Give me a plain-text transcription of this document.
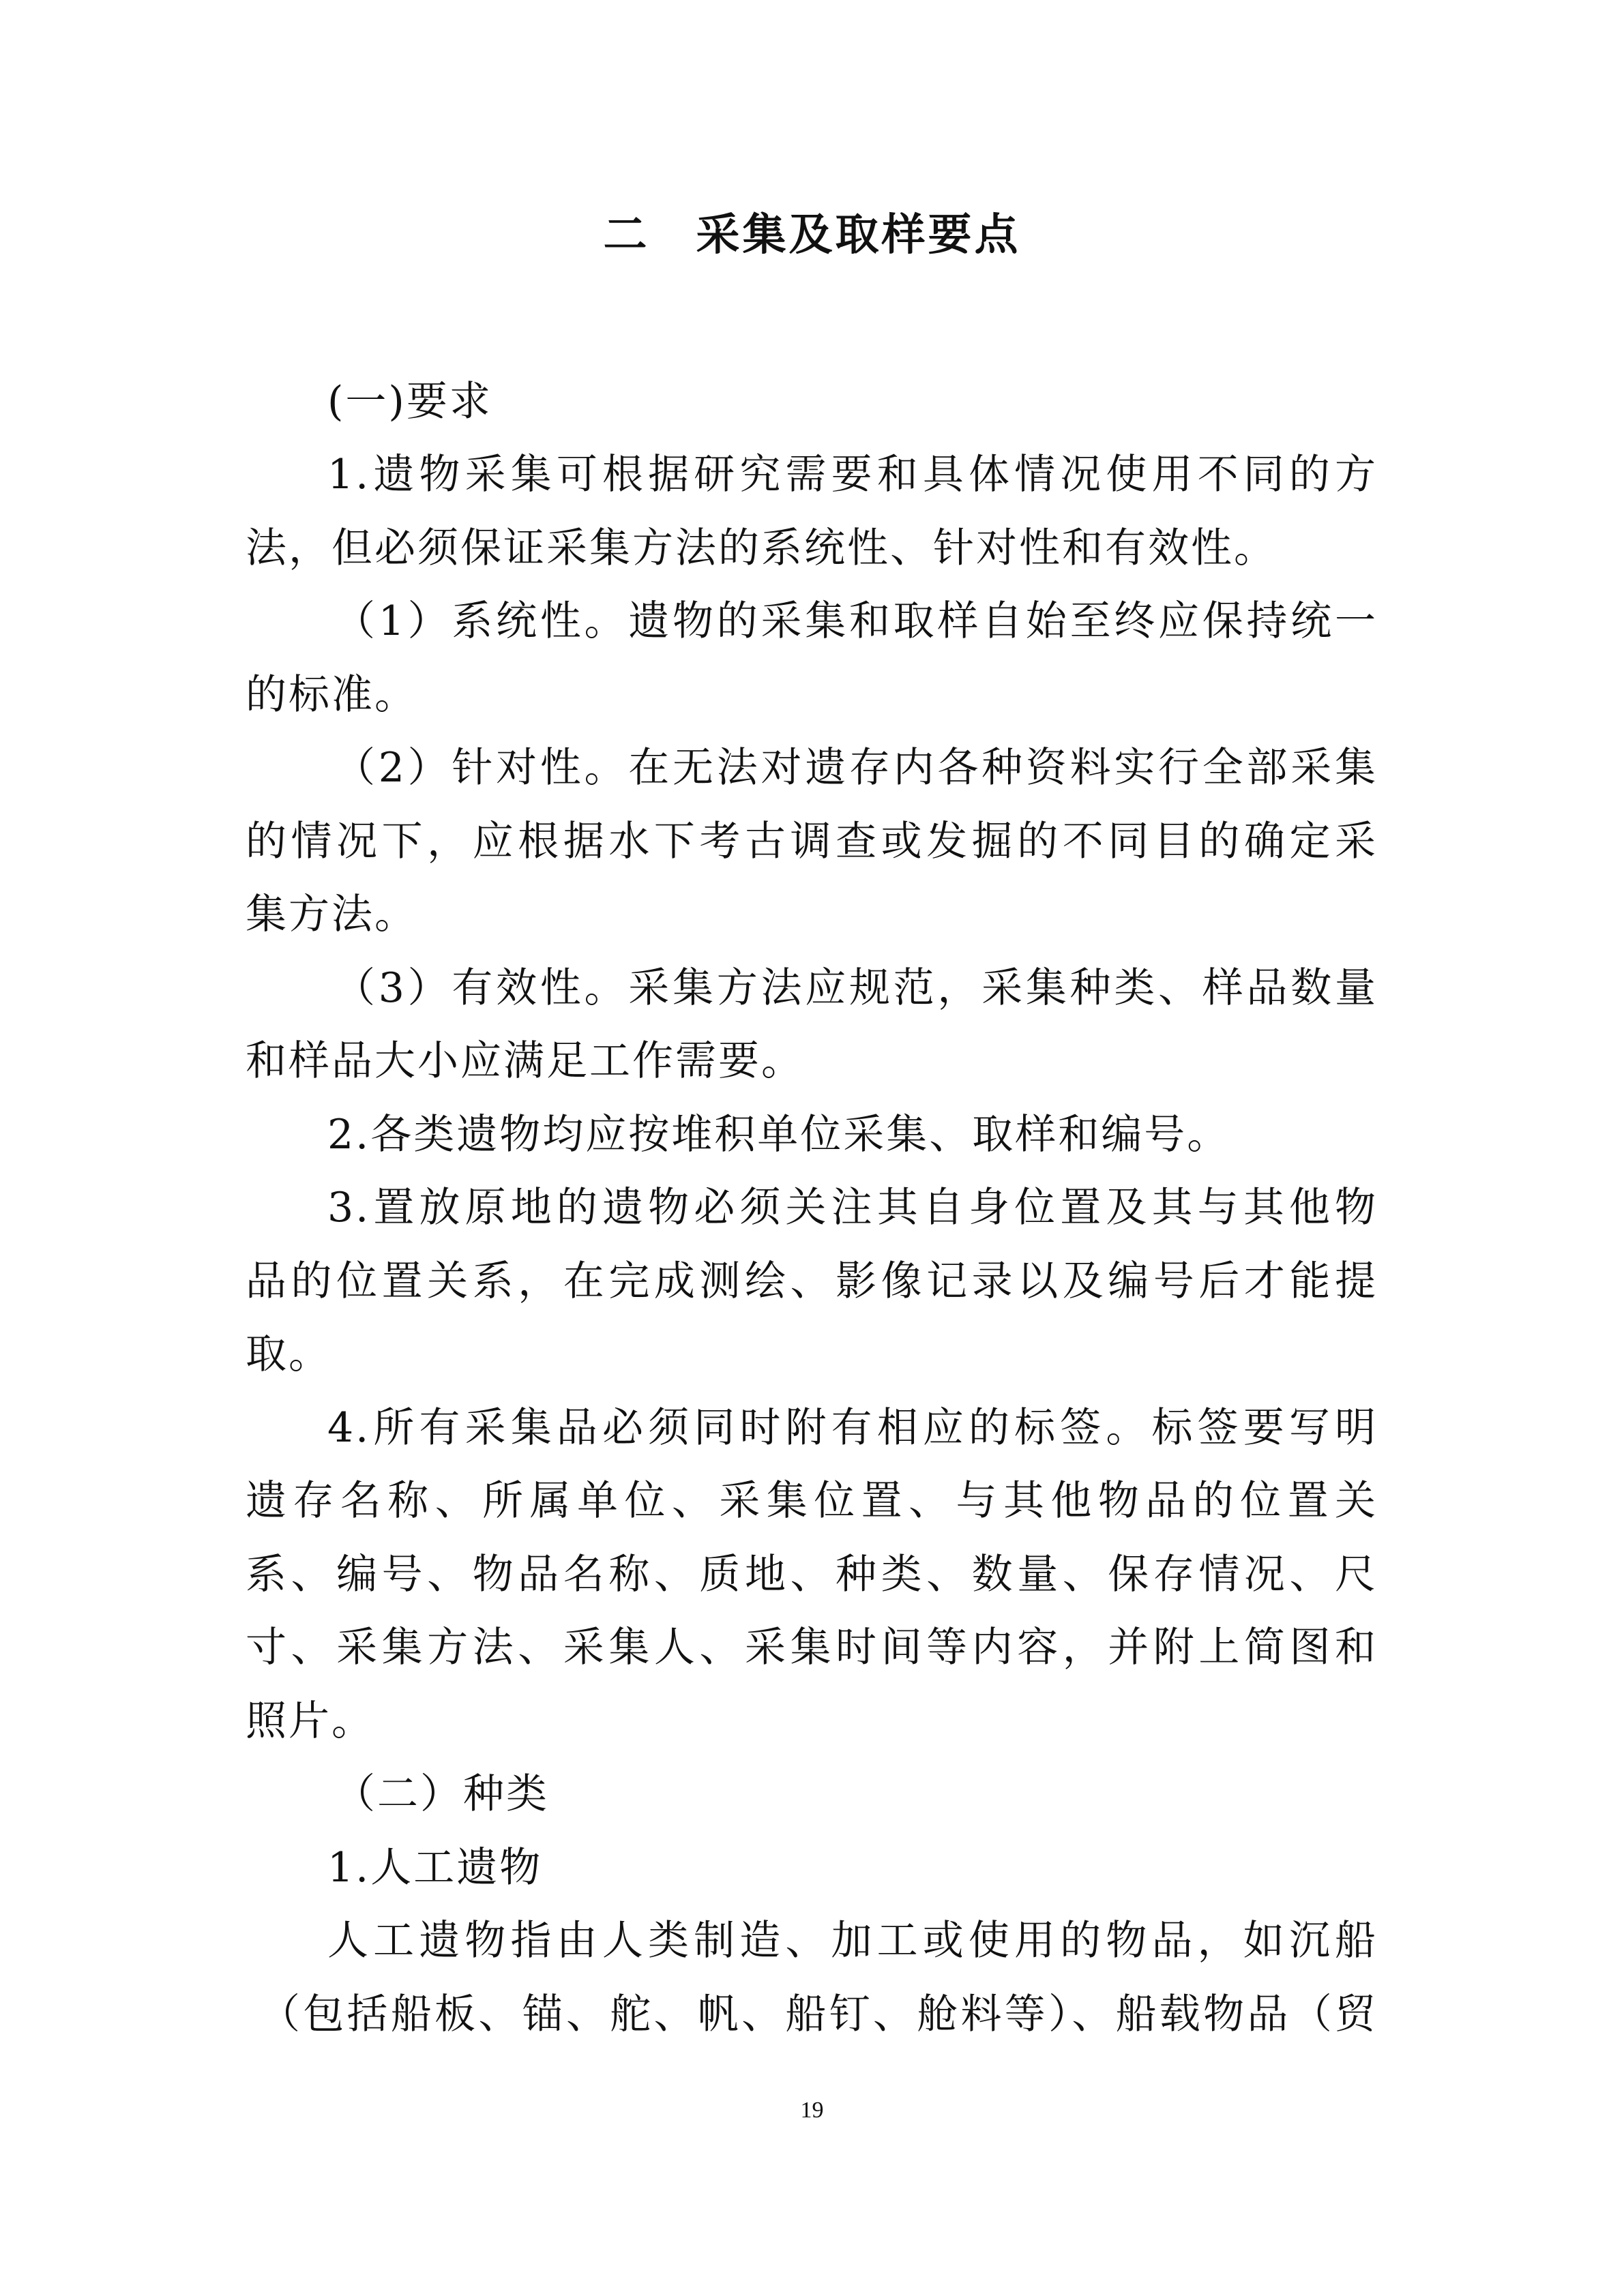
二　采集及取样要点
(一)要求
1.遗物采集可根据研究需要和具体情况使用不同的方
法，但必须保证采集方法的系统性、针对性和有效性。
（1）系统性。遗物的采集和取样自始至终应保持统一
的标准。
（2）针对性。在无法对遗存内各种资料实行全部采集
的情况下，应根据水下考古调查或发掘的不同目的确定采
集方法。
（3）有效性。采集方法应规范，采集种类、样品数量
和样品大小应满足工作需要。
2.各类遗物均应按堆积单位采集、取样和编号。
3.置放原地的遗物必须关注其自身位置及其与其他物
品的位置关系，在完成测绘、影像记录以及编号后才能提
取。
4.所有采集品必须同时附有相应的标签。标签要写明
遗存名称、所属单位、采集位置、与其他物品的位置关
系、编号、物品名称、质地、种类、数量、保存情况、尺
寸、采集方法、采集人、采集时间等内容，并附上简图和
照片。
（二）种类
1.人工遗物
人工遗物指由人类制造、加工或使用的物品，如沉船
（包括船板、锚、舵、帆、船钉、舱料等）、船载物品（贸
19
